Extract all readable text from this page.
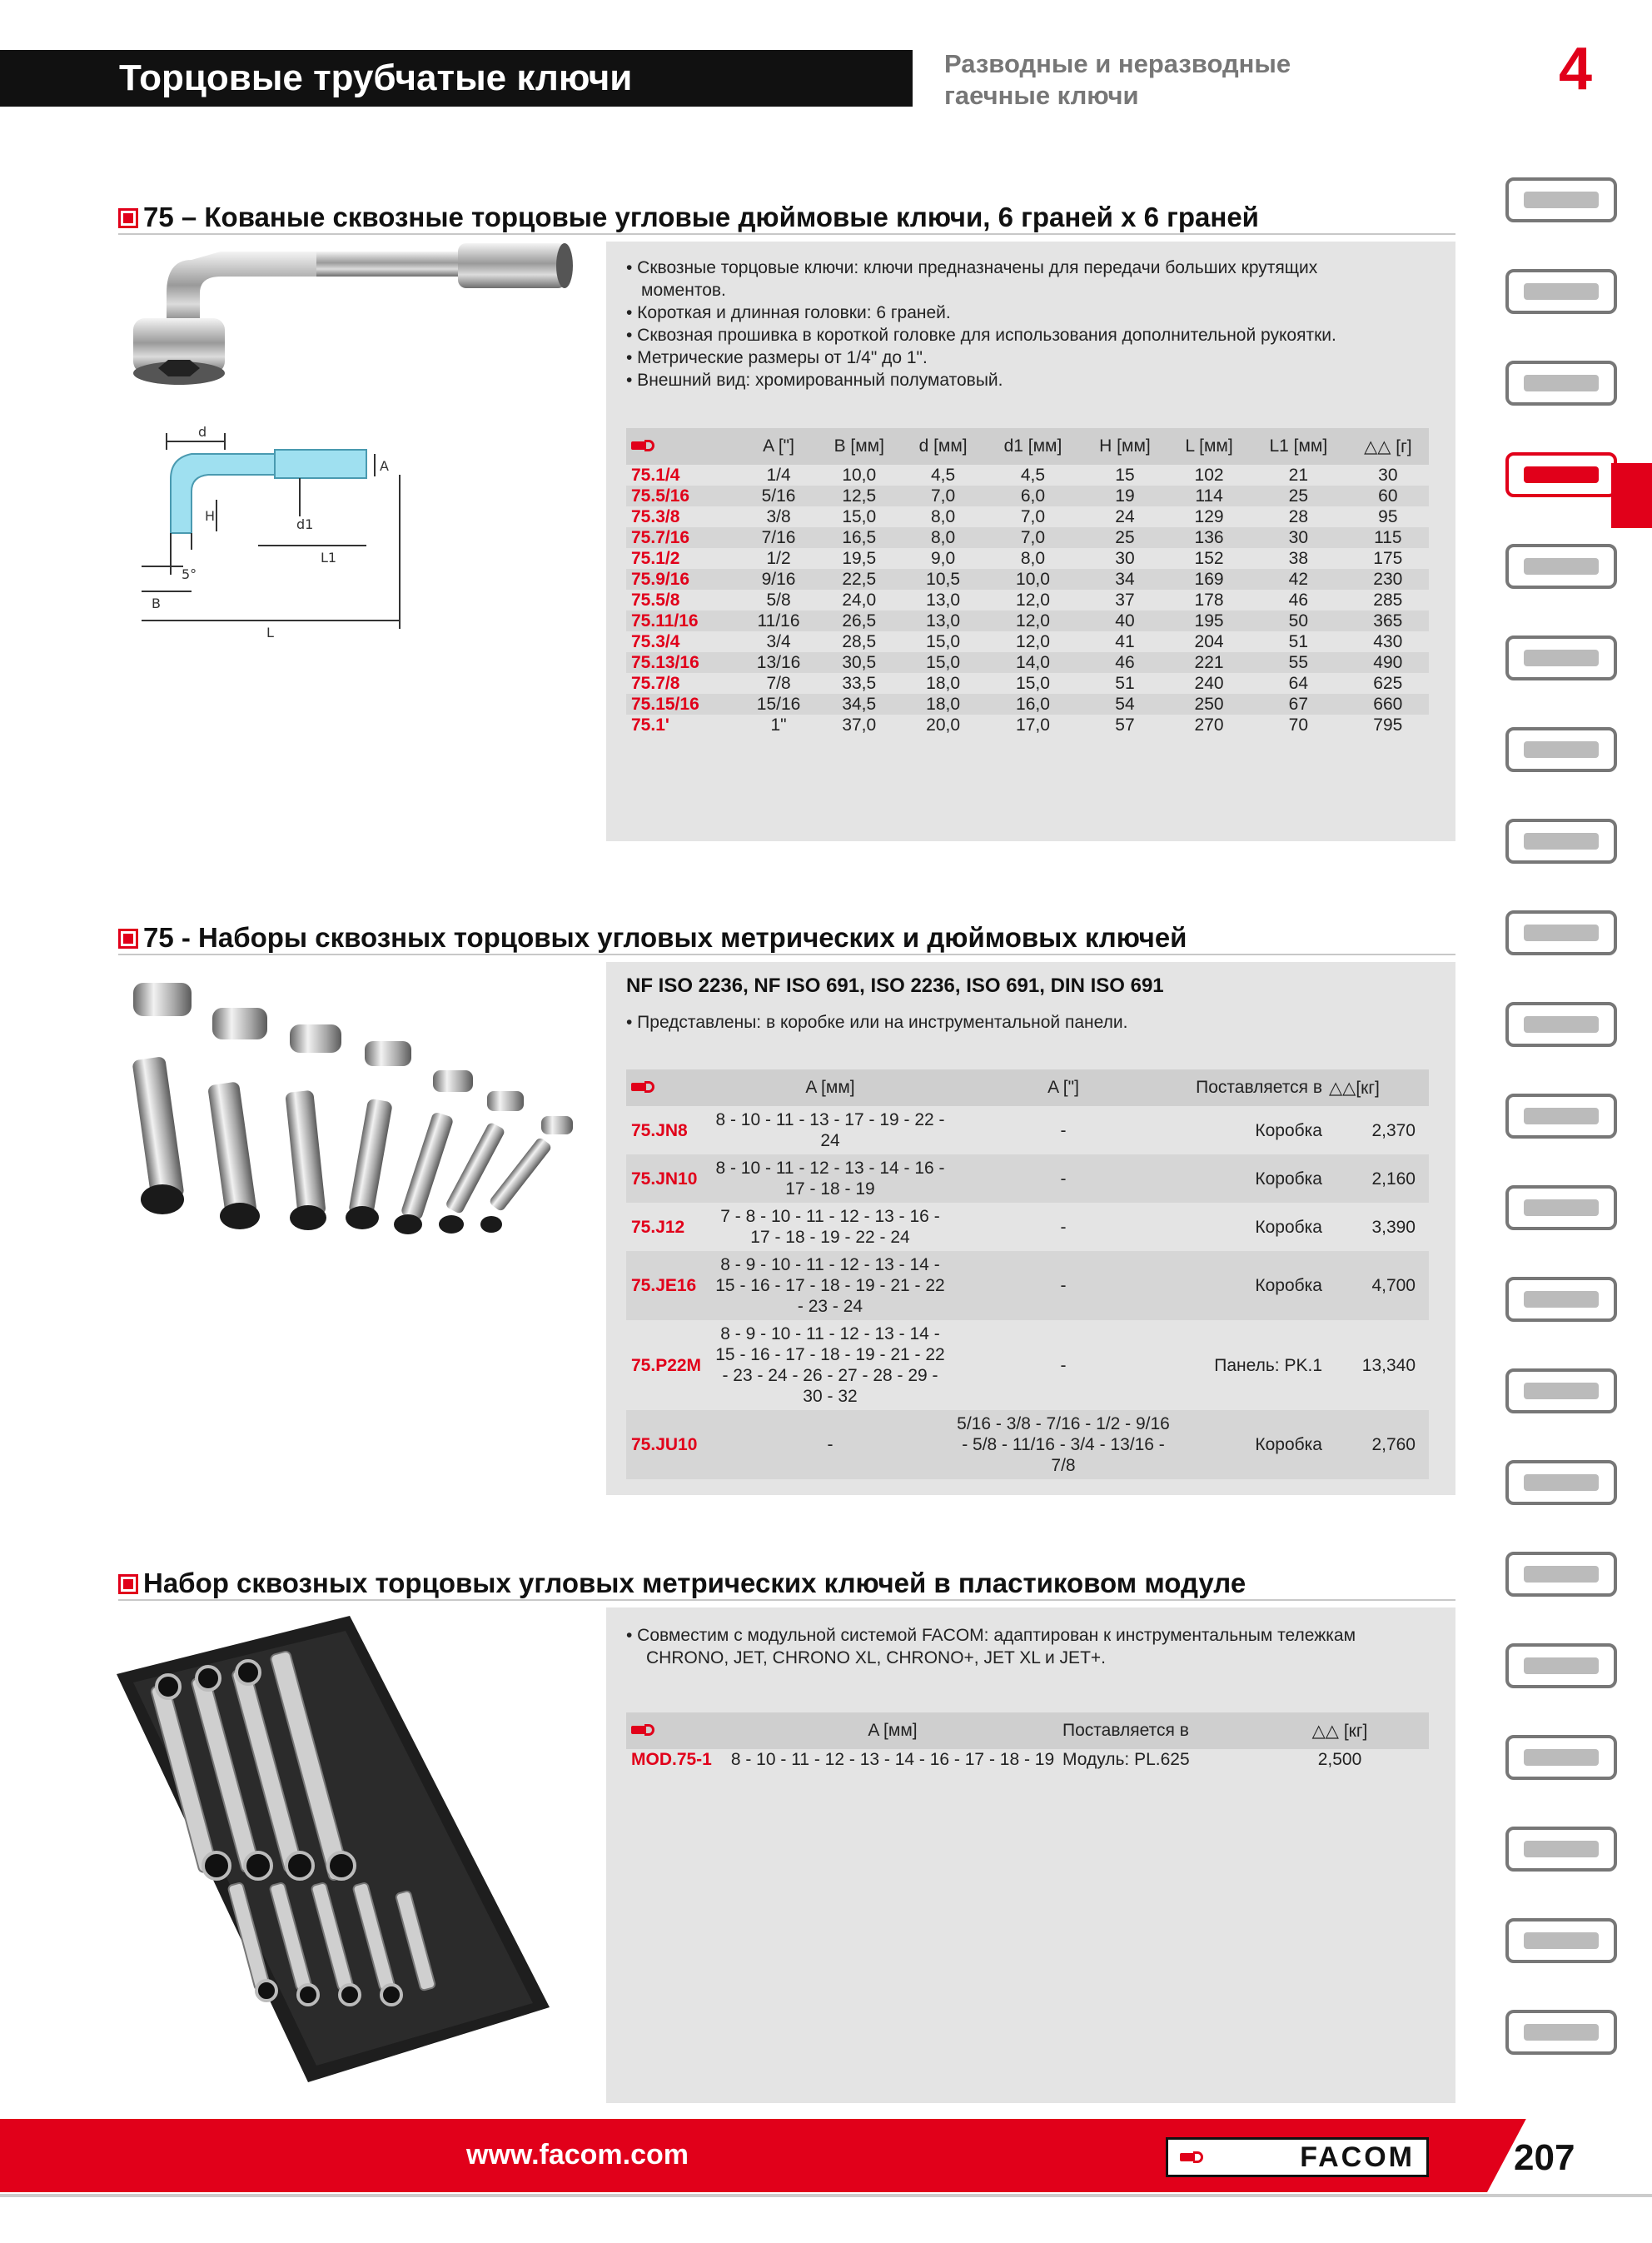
Торцовые трубчатые ключи	Разводные и неразводные
гаечные ключи	4
75 – Кованые сквозные торцовые угловые дюймовые ключи, 6 граней x 6 граней
d
A
H
d1
L1
5°
B
L
• Сквозные торцовые ключи: ключи предназначены для передачи больших крутящих
моментов.
• Короткая и длинная головки: 6 граней.
• Сквозная прошивка в короткой головке для использования дополнительной рукоятки.
• Метрические размеры от 1/4" до 1".
• Внешний вид: хромированный полуматовый.
	A ["]	B [мм]	d [мм]	d1 [мм]	H [мм]	L [мм]	L1 [мм]	△△ [г]
75.1/4	1/4	10,0	4,5	4,5	15	102	21	30
75.5/16	5/16	12,5	7,0	6,0	19	114	25	60
75.3/8	3/8	15,0	8,0	7,0	24	129	28	95
75.7/16	7/16	16,5	8,0	7,0	25	136	30	115
75.1/2	1/2	19,5	9,0	8,0	30	152	38	175
75.9/16	9/16	22,5	10,5	10,0	34	169	42	230
75.5/8	5/8	24,0	13,0	12,0	37	178	46	285
75.11/16	11/16	26,5	13,0	12,0	40	195	50	365
75.3/4	3/4	28,5	15,0	12,0	41	204	51	430
75.13/16	13/16	30,5	15,0	14,0	46	221	55	490
75.7/8	7/8	33,5	18,0	15,0	51	240	64	625
75.15/16	15/16	34,5	18,0	16,0	54	250	67	660
75.1'	1"	37,0	20,0	17,0	57	270	70	795
75 - Наборы сквозных торцовых угловых метрических и дюймовых ключей
NF ISO 2236, NF ISO 691, ISO 2236, ISO 691, DIN ISO 691
• Представлены: в коробке или на инструментальной панели.
	A [мм]	A ["]	Поставляется в	△△[кг]
75.JN8	8 - 10 - 11 - 13 - 17 - 19 - 22 - 24	-	Коробка	2,370
75.JN10	8 - 10 - 11 - 12 - 13 - 14 - 16 - 17 - 18 - 19	-	Коробка	2,160
75.J12	7 - 8 - 10 - 11 - 12 - 13 - 16 - 17 - 18 - 19 - 22 - 24	-	Коробка	3,390
75.JE16	8 - 9 - 10 - 11 - 12 - 13 - 14 - 15 - 16 - 17 - 18 - 19 - 21 - 22 - 23 - 24	-	Коробка	4,700
75.P22M	8 - 9 - 10 - 11 - 12 - 13 - 14 - 15 - 16 - 17 - 18 - 19 - 21 - 22 - 23 - 24 - 26 - 27 - 28 - 29 - 30 - 32	-	Панель: PK.1	13,340
75.JU10	-	5/16 - 3/8 - 7/16 - 1/2 - 9/16 - 5/8 - 11/16 - 3/4 - 13/16 - 7/8	Коробка	2,760
Набор сквозных торцовых угловых метрических ключей в пластиковом модуле
• Совместим с модульной системой FACOM: адаптирован к инструментальным тележкам
CHRONO, JET, CHRONO XL, CHRONO+, JET XL и JET+.
	A [мм]	Поставляется в	△△ [кг]
MOD.75-1	8 - 10 - 11 - 12 - 13 - 14 - 16 - 17 - 18 - 19	Модуль: PL.625	2,500
www.facom.com	FACOM	207
